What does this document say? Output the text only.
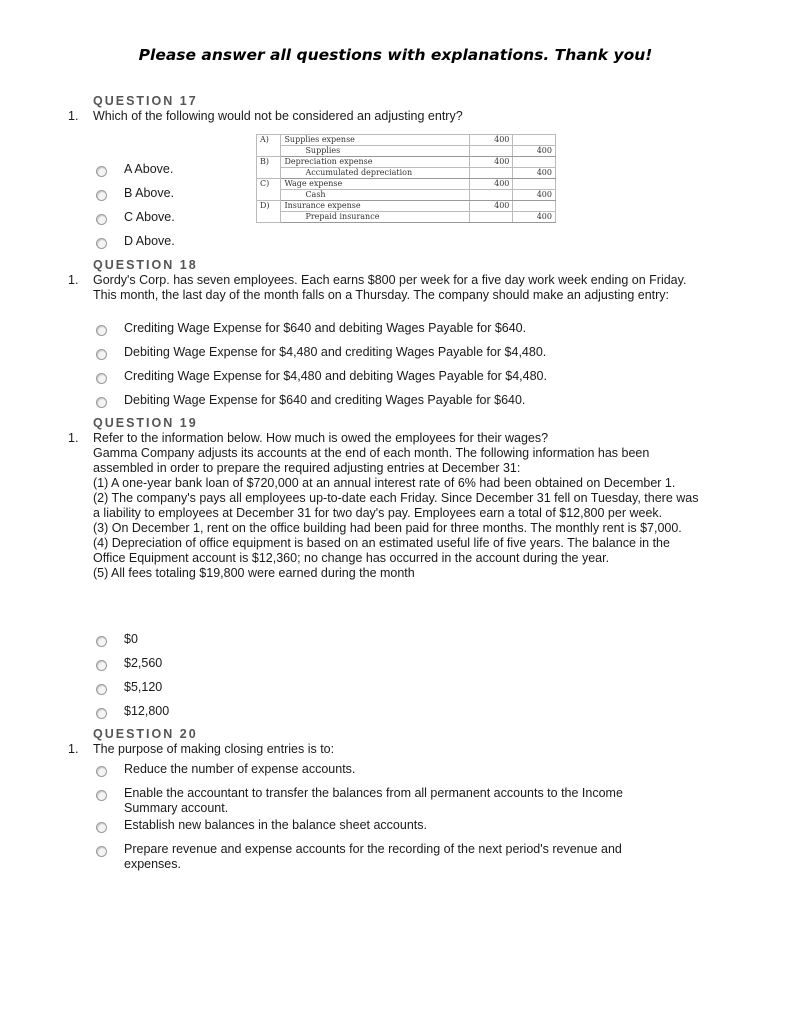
Please answer all questions with explanations. Thank you!
QUESTION 17
1. Which of the following would not be considered an adjusting entry?
A Above.
B Above.
C Above.
D Above.
A)	Supplies expense	400	
	Supplies		400
B)	Depreciation expense	400	
	Accumulated depreciation		400
C)	Wage expense	400	
	Cash		400
D)	Insurance expense	400	
	Prepaid insurance		400
QUESTION 18
1. Gordy's Corp. has seven employees. Each earns $800 per week for a five day work week ending on Friday. This month, the last day of the month falls on a Thursday. The company should make an adjusting entry:
Crediting Wage Expense for $640 and debiting Wages Payable for $640.
Debiting Wage Expense for $4,480 and crediting Wages Payable for $4,480.
Crediting Wage Expense for $4,480 and debiting Wages Payable for $4,480.
Debiting Wage Expense for $640 and crediting Wages Payable for $640.
QUESTION 19
1. Refer to the information below. How much is owed the employees for their wages?

Gamma Company adjusts its accounts at the end of each month. The following information has been assembled in order to prepare the required adjusting entries at December 31:

(1) A one-year bank loan of $720,000 at an annual interest rate of 6% had been obtained on December 1.

(2) The company's pays all employees up-to-date each Friday. Since December 31 fell on Tuesday, there was a liability to employees at December 31 for two day's pay. Employees earn a total of $12,800 per week.

(3) On December 1, rent on the office building had been paid for three months. The monthly rent is $7,000.

(4) Depreciation of office equipment is based on an estimated useful life of five years. The balance in the Office Equipment account is $12,360; no change has occurred in the account during the year.

(5) All fees totaling $19,800 were earned during the month

$0
$2,560
$5,120
$12,800
QUESTION 20
1. The purpose of making closing entries is to:
Reduce the number of expense accounts.
Enable the accountant to transfer the balances from all permanent accounts to the Income Summary account.
Establish new balances in the balance sheet accounts.
Prepare revenue and expense accounts for the recording of the next period's revenue and expenses.
